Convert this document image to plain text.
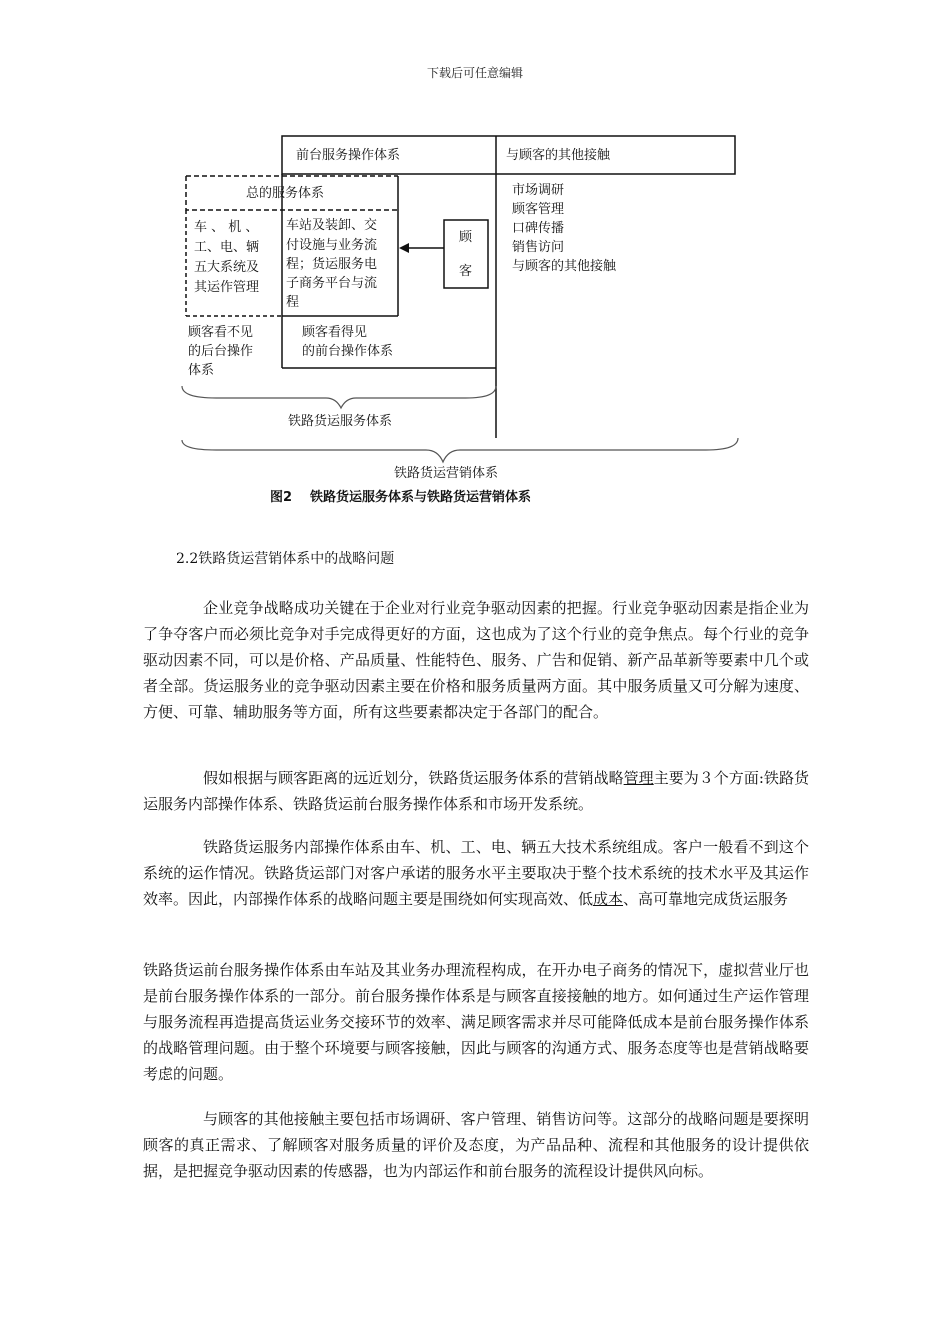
下载后可任意编辑
前台服务操作体系	与顾客的其他接触
总的服务体系
车 、 机 、
工、电、辆
五大系统及
其运作管理
车站及装卸、交
付设施与业务流
程；货运服务电
子商务平台与流
程
顾
客
市场调研
顾客管理
口碑传播
销售访问
与顾客的其他接触
顾客看不见
的后台操作
体系
顾客看得见
的前台操作体系
铁路货运服务体系
铁路货运营销体系
图2 铁路货运服务体系与铁路货运营销体系
2.2铁路货运营销体系中的战略问题

企业竞争战略成功关键在于企业对行业竞争驱动因素的把握。行业竞争驱动因素是指企业为了争夺客户而必须比竞争对手完成得更好的方面，这也成为了这个行业的竞争焦点。每个行业的竞争驱动因素不同，可以是价格、产品质量、性能特色、服务、广告和促销、新产品革新等要素中几个或者全部。货运服务业的竞争驱动因素主要在价格和服务质量两方面。其中服务质量又可分解为速度、方便、可靠、辅助服务等方面，所有这些要素都决定于各部门的配合。

假如根据与顾客距离的远近划分，铁路货运服务体系的营销战略管理主要为３个方面:铁路货运服务内部操作体系、铁路货运前台服务操作体系和市场开发系统。

铁路货运服务内部操作体系由车、机、工、电、辆五大技术系统组成。客户一般看不到这个系统的运作情况。铁路货运部门对客户承诺的服务水平主要取决于整个技术系统的技术水平及其运作效率。因此，内部操作体系的战略问题主要是围绕如何实现高效、低成本、高可靠地完成货运服务

铁路货运前台服务操作体系由车站及其业务办理流程构成，在开办电子商务的情况下，虚拟营业厅也是前台服务操作体系的一部分。前台服务操作体系是与顾客直接接触的地方。如何通过生产运作管理与服务流程再造提高货运业务交接环节的效率、满足顾客需求并尽可能降低成本是前台服务操作体系的战略管理问题。由于整个环境要与顾客接触，因此与顾客的沟通方式、服务态度等也是营销战略要考虑的问题。

与顾客的其他接触主要包括市场调研、客户管理、销售访问等。这部分的战略问题是要探明顾客的真正需求、了解顾客对服务质量的评价及态度，为产品品种、流程和其他服务的设计提供依据，是把握竞争驱动因素的传感器，也为内部运作和前台服务的流程设计提供风向标。
